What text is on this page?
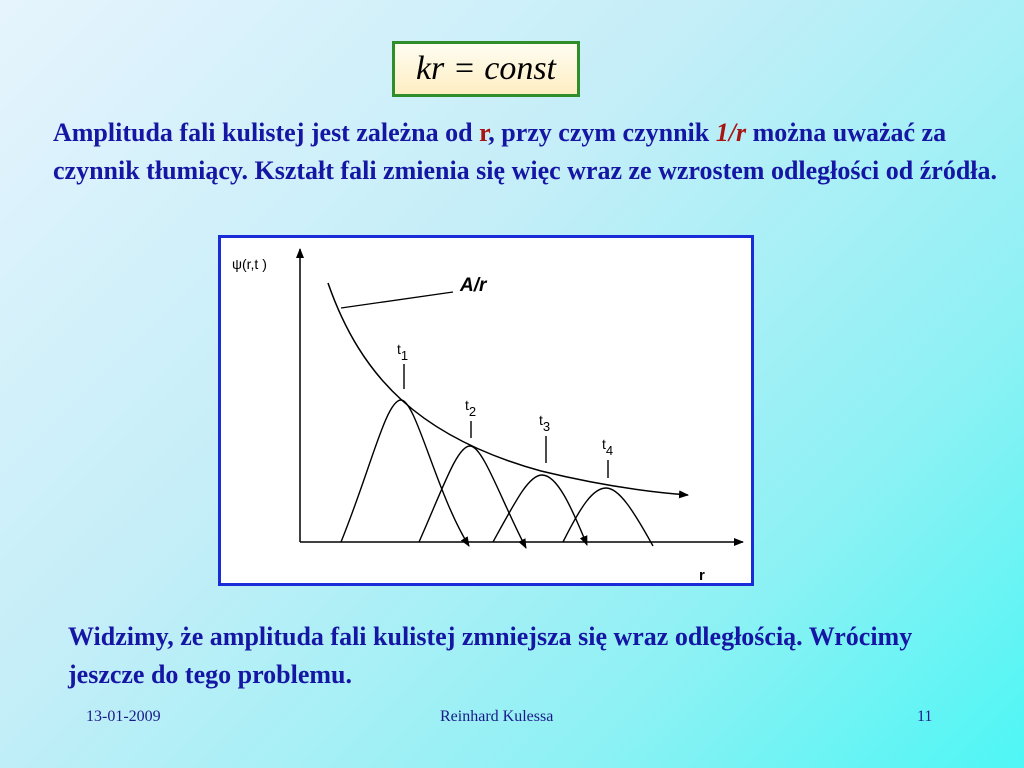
kr = const

Amplituda fali kulistej jest zależna od r, przy czym czynnik 1/r można uważać za czynnik tłumiący. Kształt fali zmienia się więc wraz ze wzrostem odległości od źródła.

ψ(r,t )
r
A/r
t1
t2
t3
t4

Widzimy, że amplituda fali kulistej zmniejsza się wraz odległością. Wrócimy jeszcze do tego problemu.

13-01-2009	Reinhard Kulessa	11
